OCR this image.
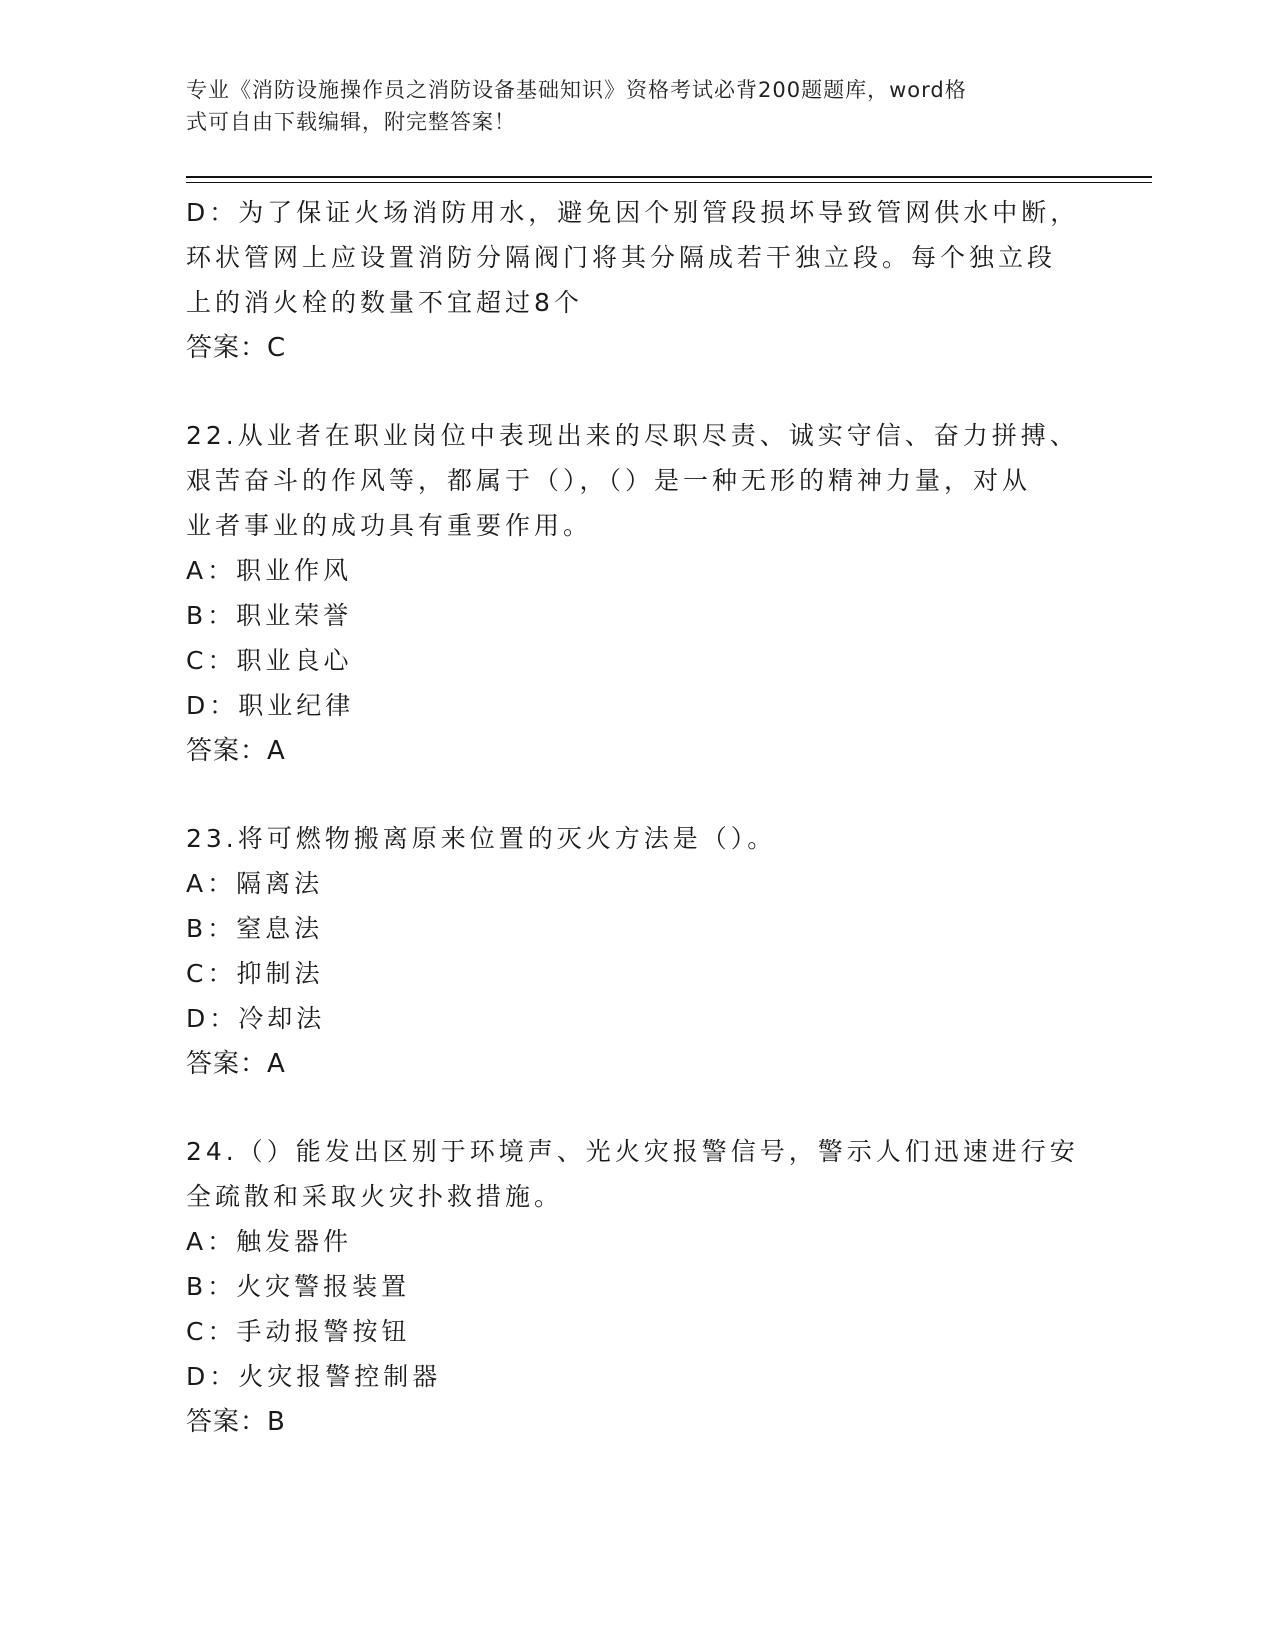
专业《消防设施操作员之消防设备基础知识》资格考试必背200题题库，word格
式可自由下载编辑，附完整答案！

D：为了保证火场消防用水，避免因个别管段损坏导致管网供水中断，

环状管网上应设置消防分隔阀门将其分隔成若干独立段。每个独立段

上的消火栓的数量不宜超过8个

答案：C

22.从业者在职业岗位中表现出来的尽职尽责、诚实守信、奋力拼搏、

艰苦奋斗的作风等，都属于（），（）是一种无形的精神力量，对从

业者事业的成功具有重要作用。

A：职业作风

B：职业荣誉

C：职业良心

D：职业纪律

答案：A

23.将可燃物搬离原来位置的灭火方法是（）。

A：隔离法

B：窒息法

C：抑制法

D：冷却法

答案：A

24.（）能发出区别于环境声、光火灾报警信号，警示人们迅速进行安

全疏散和采取火灾扑救措施。

A：触发器件

B：火灾警报装置

C：手动报警按钮

D：火灾报警控制器

答案：B
